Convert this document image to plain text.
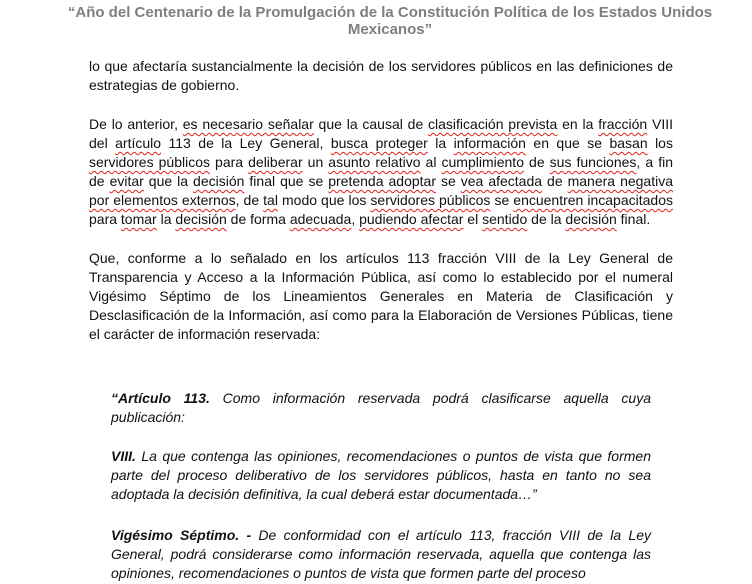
“Año del Centenario de la Promulgación de la Constitución Política de los Estados Unidos
Mexicanos”

lo que afectaría sustancialmente la decisión de los servidores públicos en las definiciones de estrategias de gobierno.

De lo anterior, es necesario señalar que la causal de clasificación prevista en la fracción VIII del artículo 113 de la Ley General, busca proteger la información en que se basan los servidores públicos para deliberar un asunto relativo al cumplimiento de sus funciones, a fin de evitar que la decisión final que se pretenda adoptar se vea afectada de manera negativa por elementos externos, de tal modo que los servidores públicos se encuentren incapacitados para tomar la decisión de forma adecuada, pudiendo afectar el sentido de la decisión final.

Que, conforme a lo señalado en los artículos 113 fracción VIII de la Ley General de Transparencia y Acceso a la Información Pública, así como lo establecido por el numeral Vigésimo Séptimo de los Lineamientos Generales en Materia de Clasificación y Desclasificación de la Información, así como para la Elaboración de Versiones Públicas, tiene el carácter de información reservada:

“Artículo 113. Como información reservada podrá clasificarse aquella cuya publicación:
VIII. La que contenga las opiniones, recomendaciones o puntos de vista que formen parte del proceso deliberativo de los servidores públicos, hasta en tanto no sea adoptada la decisión definitiva, la cual deberá estar documentada…”
Vigésimo Séptimo. - De conformidad con el artículo 113, fracción VIII de la Ley General, podrá considerarse como información reservada, aquella que contenga las opiniones, recomendaciones o puntos de vista que formen parte del proceso
